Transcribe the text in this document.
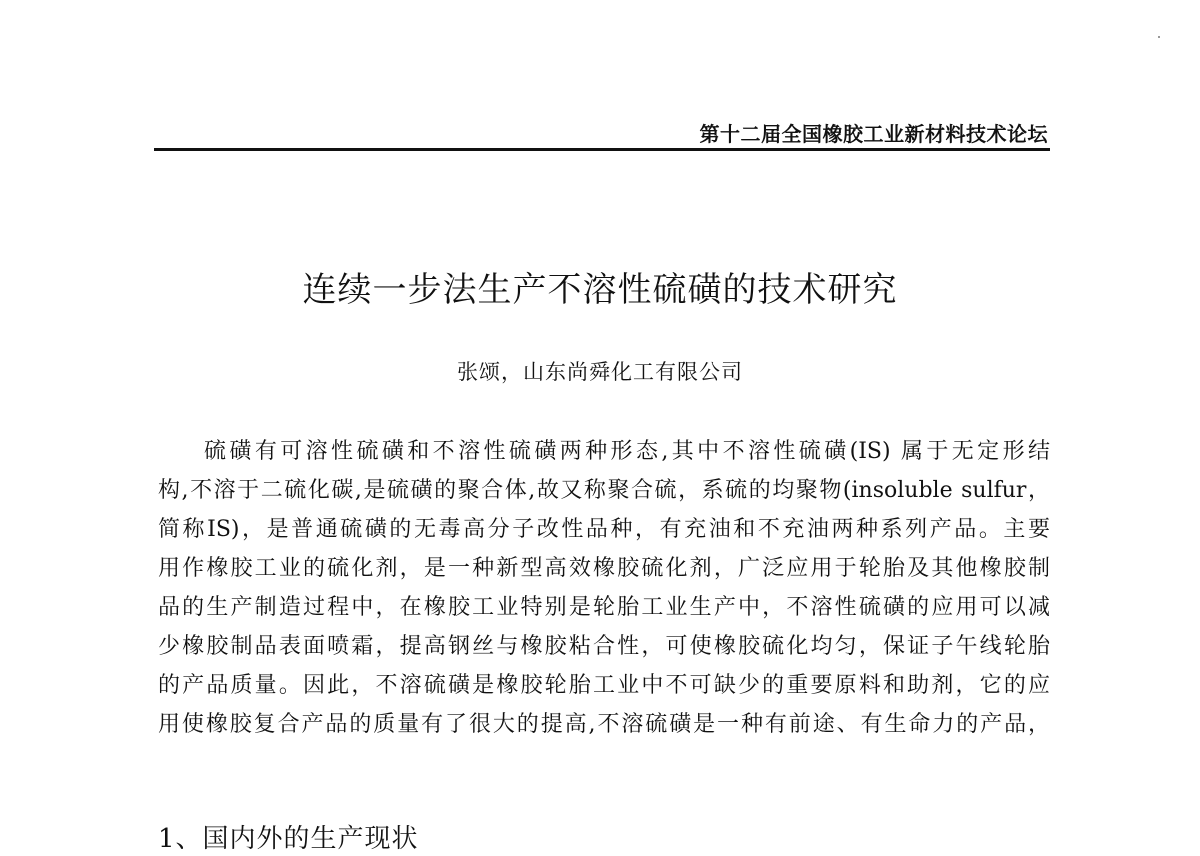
第十二届全国橡胶工业新材料技术论坛
连续一步法生产不溶性硫磺的技术研究
张颂，山东尚舜化工有限公司
硫磺有可溶性硫磺和不溶性硫磺两种形态,其中不溶性硫磺(IS) 属于无定形结
构,不溶于二硫化碳,是硫磺的聚合体,故又称聚合硫，系硫的均聚物(insoluble sulfur，
简称IS)，是普通硫磺的无毒高分子改性品种，有充油和不充油两种系列产品。主要
用作橡胶工业的硫化剂，是一种新型高效橡胶硫化剂，广泛应用于轮胎及其他橡胶制
品的生产制造过程中，在橡胶工业特别是轮胎工业生产中，不溶性硫磺的应用可以减
少橡胶制品表面喷霜，提高钢丝与橡胶粘合性，可使橡胶硫化均匀，保证子午线轮胎
的产品质量。因此，不溶硫磺是橡胶轮胎工业中不可缺少的重要原料和助剂，它的应
用使橡胶复合产品的质量有了很大的提高,不溶硫磺是一种有前途、有生命力的产品，
1、国内外的生产现状
